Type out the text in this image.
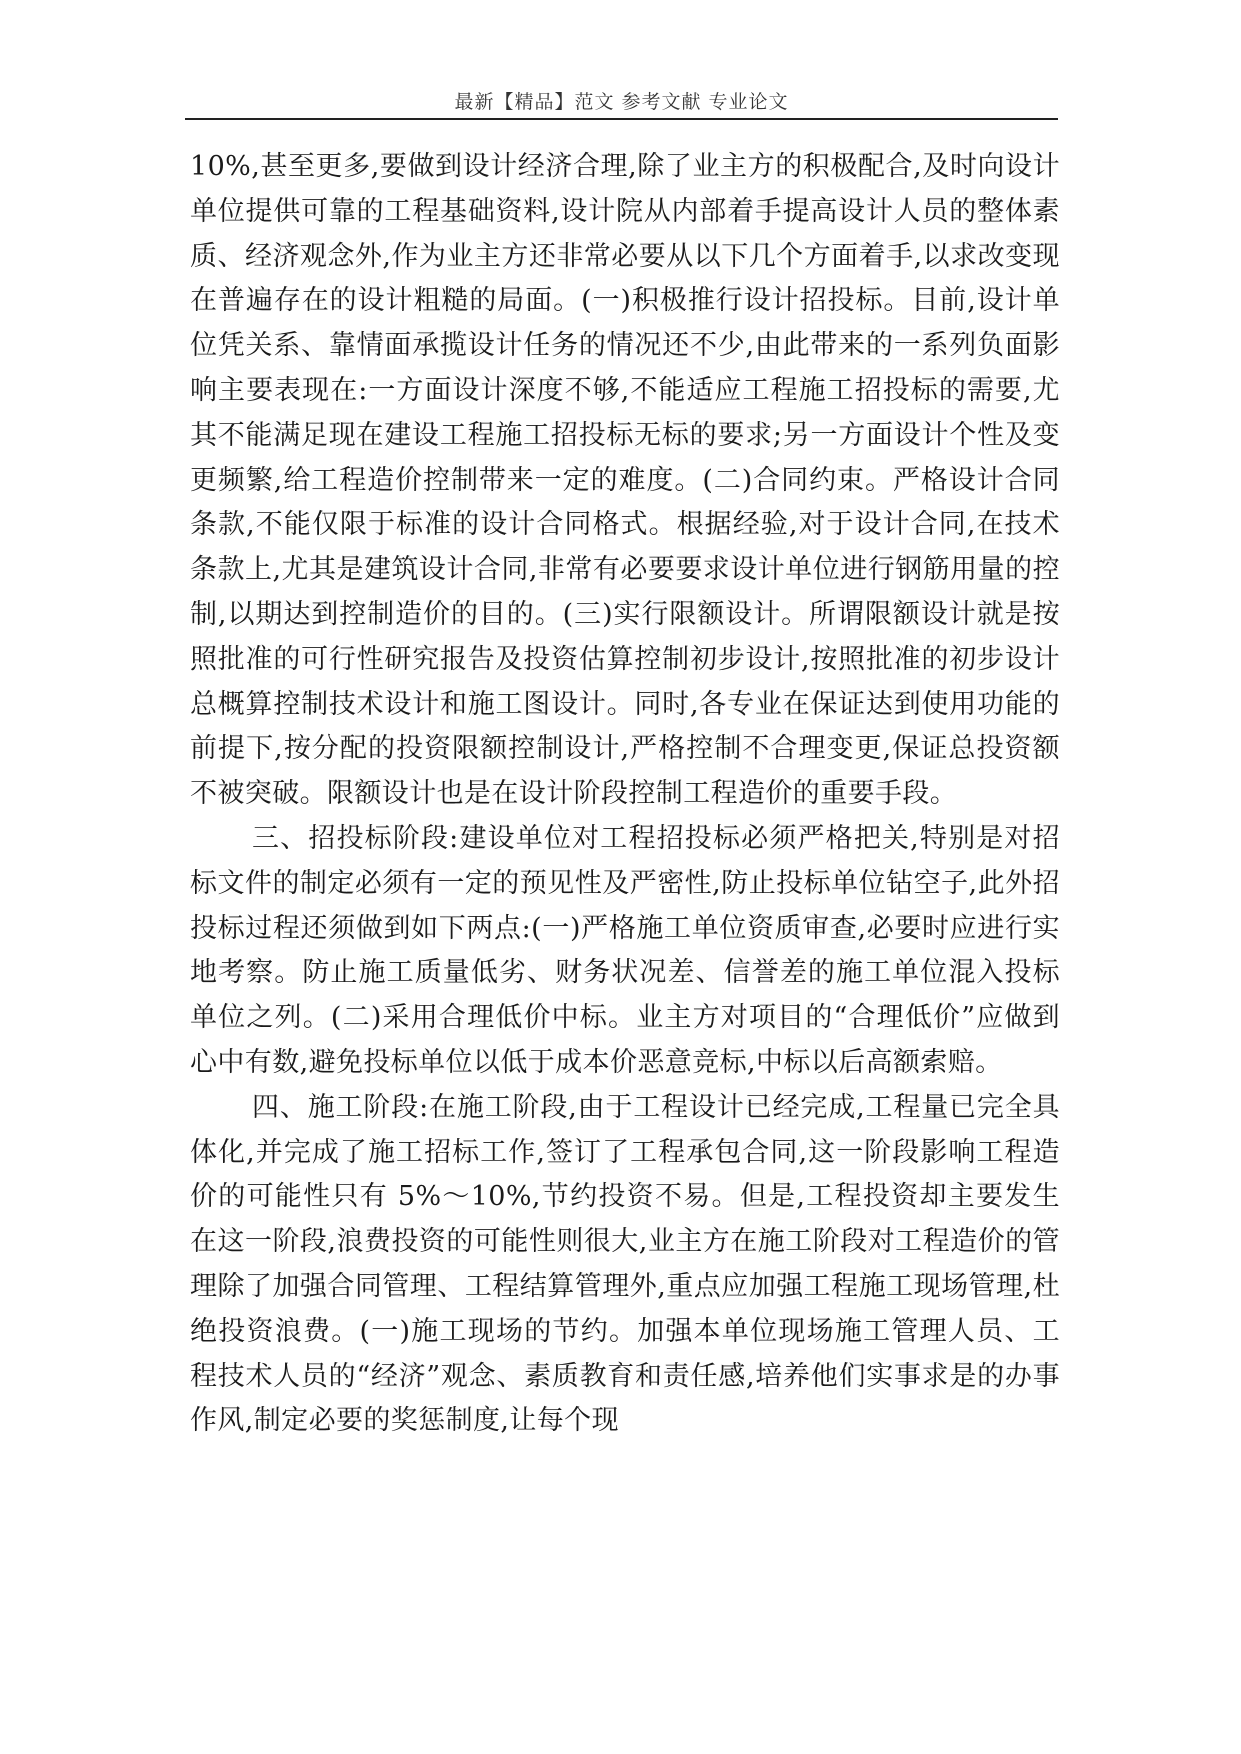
最新【精品】范文 参考文献 专业论文

10%,甚至更多,要做到设计经济合理,除了业主方的积极配合,及时向设计单位提供可靠的工程基础资料,设计院从内部着手提高设计人员的整体素质、经济观念外,作为业主方还非常必要从以下几个方面着手,以求改变现在普遍存在的设计粗糙的局面。(一)积极推行设计招投标。目前,设计单位凭关系、靠情面承揽设计任务的情况还不少,由此带来的一系列负面影响主要表现在:一方面设计深度不够,不能适应工程施工招投标的需要,尤其不能满足现在建设工程施工招投标无标的要求;另一方面设计个性及变更频繁,给工程造价控制带来一定的难度。(二)合同约束。严格设计合同条款,不能仅限于标准的设计合同格式。根据经验,对于设计合同,在技术条款上,尤其是建筑设计合同,非常有必要要求设计单位进行钢筋用量的控制,以期达到控制造价的目的。(三)实行限额设计。所谓限额设计就是按照批准的可行性研究报告及投资估算控制初步设计,按照批准的初步设计总概算控制技术设计和施工图设计。同时,各专业在保证达到使用功能的前提下,按分配的投资限额控制设计,严格控制不合理变更,保证总投资额不被突破。限额设计也是在设计阶段控制工程造价的重要手段。

三、招投标阶段:建设单位对工程招投标必须严格把关,特别是对招标文件的制定必须有一定的预见性及严密性,防止投标单位钻空子,此外招投标过程还须做到如下两点:(一)严格施工单位资质审查,必要时应进行实地考察。防止施工质量低劣、财务状况差、信誉差的施工单位混入投标单位之列。(二)采用合理低价中标。业主方对项目的“合理低价”应做到心中有数,避免投标单位以低于成本价恶意竞标,中标以后高额索赔。

四、施工阶段:在施工阶段,由于工程设计已经完成,工程量已完全具体化,并完成了施工招标工作,签订了工程承包合同,这一阶段影响工程造价的可能性只有 5%～10%,节约投资不易。但是,工程投资却主要发生在这一阶段,浪费投资的可能性则很大,业主方在施工阶段对工程造价的管理除了加强合同管理、工程结算管理外,重点应加强工程施工现场管理,杜绝投资浪费。(一)施工现场的节约。加强本单位现场施工管理人员、工程技术人员的“经济”观念、素质教育和责任感,培养他们实事求是的办事作风,制定必要的奖惩制度,让每个现
